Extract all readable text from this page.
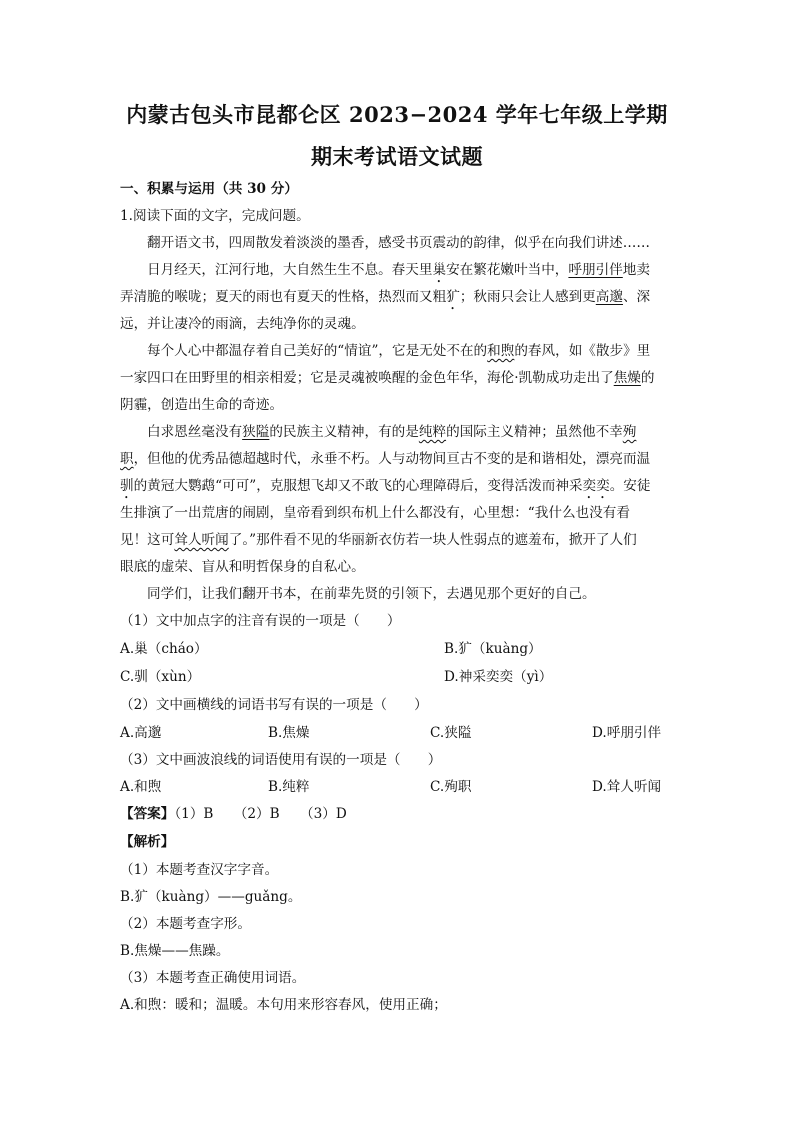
内蒙古包头市昆都仑区 2023−2024 学年七年级上学期
期末考试语文试题
一、积累与运用（共 30 分）
1.阅读下面的文字，完成问题。
翻开语文书，四周散发着淡淡的墨香，感受书页震动的韵律，似乎在向我们讲述……
日月经天，江河行地，大自然生生不息。春天里巢安在繁花嫩叶当中，呼朋引伴地卖
弄清脆的喉咙；夏天的雨也有夏天的性格，热烈而又粗犷；秋雨只会让人感到更高邈、深
远，并让凄冷的雨滴，去纯净你的灵魂。
每个人心中都温存着自己美好的“情谊”，它是无处不在的和煦的春风，如《散步》里
一家四口在田野里的相亲相爱；它是灵魂被唤醒的金色年华，海伦·凯勒成功走出了焦燥的
阴霾，创造出生命的奇迹。
白求恩丝毫没有狭隘的民族主义精神，有的是纯粹的国际主义精神；虽然他不幸殉
职，但他的优秀品德超越时代，永垂不朽。人与动物间亘古不变的是和谐相处，漂亮而温
驯的黄冠大鹦鹉“可可”，克服想飞却又不敢飞的心理障碍后，变得活泼而神采奕奕。安徒
生排演了一出荒唐的闹剧，皇帝看到织布机上什么都没有，心里想：“我什么也没有看
见！这可耸人听闻了。”那件看不见的华丽新衣仿若一块人性弱点的遮羞布，掀开了人们
眼底的虚荣、盲从和明哲保身的自私心。
同学们，让我们翻开书本，在前辈先贤的引领下，去遇见那个更好的自己。
（1）文中加点字的注音有误的一项是（　　）
A.巢（cháo）	B.犷（kuàng）
C.驯（xùn）	D.神采奕奕（yì）
（2）文中画横线的词语书写有误的一项是（　　）
A.高邈	B.焦燥	C.狭隘	D.呼朋引伴
（3）文中画波浪线的词语使用有误的一项是（　　）
A.和煦	B.纯粹	C.殉职	D.耸人听闻
【答案】（1）B　　（2）B　　（3）D
【解析】
（1）本题考查汉字字音。
B.犷（kuàng）——guǎng。
（2）本题考查字形。
B.焦燥——焦躁。
（3）本题考查正确使用词语。
A.和煦：暖和；温暖。本句用来形容春风，使用正确；
